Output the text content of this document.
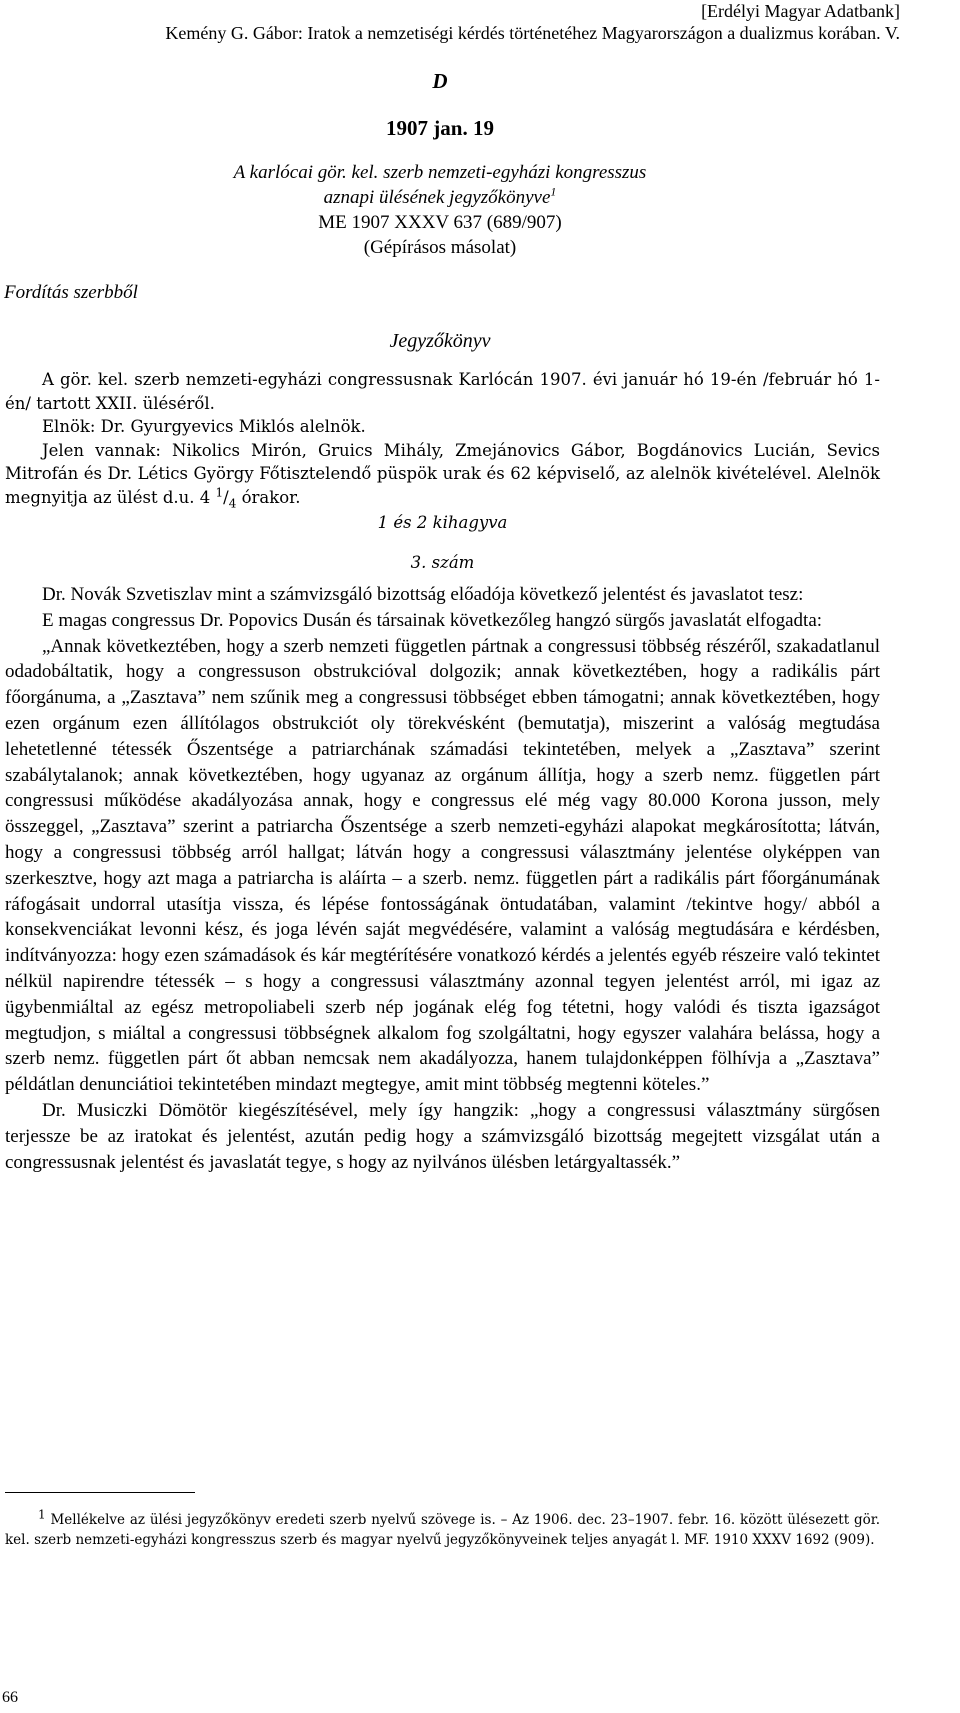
[Erdélyi Magyar Adatbank]
Kemény G. Gábor: Iratok a nemzetiségi kérdés történetéhez Magyarországon a dualizmus korában. V.
D
1907 jan. 19
A karlócai gör. kel. szerb nemzeti-egyházi kongresszus
aznapi ülésének jegyzőkönyve$^1$
ME 1907 XXXV 637 (689/907)
(Gépírásos másolat)
Fordítás szerbből
Jegyzőkönyv

A gör. kel. szerb nemzeti-egyházi congressusnak Karlócán 1907. évi január hó 19-én /február hó 1-én/ tartott XXII. üléséről.

Elnök: Dr. Gyurgyevics Miklós alelnök.

Jelen vannak: Nikolics Mirón, Gruics Mihály, Zmejánovics Gábor, Bogdánovics Lucián, Sevics Mitrofán és Dr. Létics György Főtisztelendő püspök urak és 62 képviselő, az alelnök kivételével. Alelnök megnyitja az ülést d.u. 4 $^1/_4$ órakor.

1 és 2 kihagyva

3. szám

Dr. Novák Szvetiszlav mint a számvizsgáló bizottság előadója következő jelentést és javaslatot tesz:

E magas congressus Dr. Popovics Dusán és társainak következőleg hangzó sürgős javaslatát elfogadta:

„Annak következtében, hogy a szerb nemzeti független pártnak a congressusi többség részéről, szakadatlanul odadobáltatik, hogy a congressuson obstrukcióval dolgozik; annak következtében, hogy a radikális párt főorgánuma, a „Zasztava” nem szűnik meg a congressusi többséget ebben támogatni; annak következtében, hogy ezen orgánum ezen állítólagos obstrukciót oly törekvésként (bemutatja), miszerint a valóság megtudása lehetetlenné tétessék Őszentsége a patriarchának számadási tekintetében, melyek a „Zasztava” szerint szabálytalanok; annak következtében, hogy ugyanaz az orgánum állítja, hogy a szerb nemz. független párt congressusi működése akadályozása annak, hogy e congressus elé még vagy 80.000 Korona jusson, mely összeggel, „Zasztava” szerint a patriarcha Őszentsége a szerb nemzeti-egyházi alapokat megkárosította; látván, hogy a congressusi többség arról hallgat; látván hogy a congressusi választmány jelentése olyképpen van szerkesztve, hogy azt maga a patriarcha is aláírta – a szerb. nemz. független párt a radikális párt főorgánumának ráfogásait undorral utasítja vissza, és lépése fontosságának öntudatában, valamint /tekintve hogy/ abból a konsekvenciákat levonni kész, és joga lévén saját megvédésére, valamint a valóság megtudására e kérdésben, indítványozza: hogy ezen számadások és kár megtérítésére vonatkozó kérdés a jelentés egyéb részeire való tekintet nélkül napirendre tétessék – s hogy a congressusi választmány azonnal tegyen jelentést arról, mi igaz az ügybenmiáltal az egész metropoliabeli szerb nép jogának elég fog tétetni, hogy valódi és tiszta igazságot megtudjon, s miáltal a congressusi többségnek alkalom fog szolgáltatni, hogy egyszer valahára belássa, hogy a szerb nemz. független párt őt abban nemcsak nem akadályozza, hanem tulajdonképpen fölhívja a „Zasztava” példátlan denunciátioi tekintetében mindazt megtegye, amit mint többség megtenni köteles.”

Dr. Musiczki Dömötör kiegészítésével, mely így hangzik: „hogy a congressusi választmány sürgősen terjessze be az iratokat és jelentést, azután pedig hogy a számvizsgáló bizottság megejtett vizsgálat után a congressusnak jelentést és javaslatát tegye, s hogy az nyilvános ülésben letárgyaltassék.”

$^1$ Mellékelve az ülési jegyzőkönyv eredeti szerb nyelvű szövege is. – Az 1906. dec. 23–1907. febr. 16. között ülésezett gör. kel. szerb nemzeti-egyházi kongresszus szerb és magyar nyelvű jegyzőkönyveinek teljes anyagát l. MF. 1910 XXXV 1692 (909).
66
